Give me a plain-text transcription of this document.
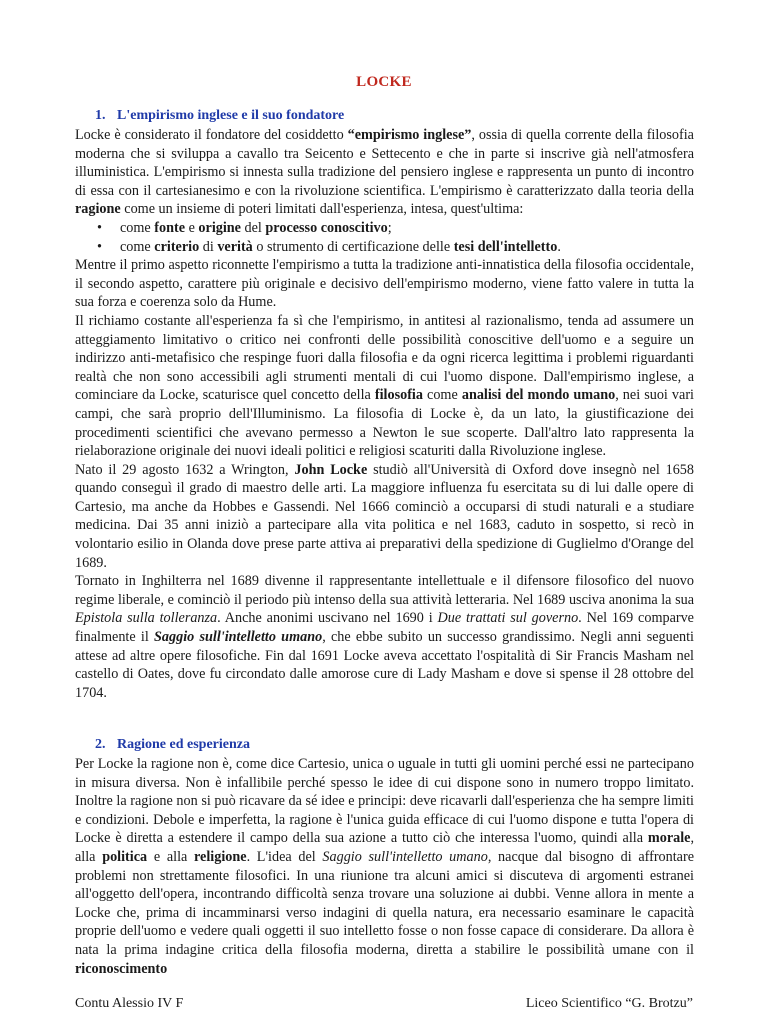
LOCKE
1. L'empirismo inglese e il suo fondatore

Locke è considerato il fondatore del cosiddetto “empirismo inglese”, ossia di quella corrente della filosofia moderna che si sviluppa a cavallo tra Seicento e Settecento e che in parte si inscrive già nell'atmosfera illuministica. L'empirismo si innesta sulla tradizione del pensiero inglese e rappresenta un punto di incontro di essa con il cartesianesimo e con la rivoluzione scientifica. L'empirismo è caratterizzato dalla teoria della ragione come un insieme di poteri limitati dall'esperienza, intesa, quest'ultima:

• come fonte e origine del processo conoscitivo;

• come criterio di verità o strumento di certificazione delle tesi dell'intelletto.

Mentre il primo aspetto riconnette l'empirismo a tutta la tradizione anti-innatistica della filosofia occidentale, il secondo aspetto, carattere più originale e decisivo dell'empirismo moderno, viene fatto valere in tutta la sua forza e coerenza solo da Hume.

Il richiamo costante all'esperienza fa sì che l'empirismo, in antitesi al razionalismo, tenda ad assumere un atteggiamento limitativo o critico nei confronti delle possibilità conoscitive dell'uomo e a seguire un indirizzo anti-metafisico che respinge fuori dalla filosofia e da ogni ricerca legittima i problemi riguardanti realtà che non sono accessibili agli strumenti mentali di cui l'uomo dispone. Dall'empirismo inglese, a cominciare da Locke, scaturisce quel concetto della filosofia come analisi del mondo umano, nei suoi vari campi, che sarà proprio dell'Illuminismo. La filosofia di Locke è, da un lato, la giustificazione dei procedimenti scientifici che avevano permesso a Newton le sue scoperte. Dall'altro lato rappresenta la rielaborazione originale dei nuovi ideali politici e religiosi scaturiti dalla Rivoluzione inglese.

Nato il 29 agosto 1632 a Wrington, John Locke studiò all'Università di Oxford dove insegnò nel 1658 quando conseguì il grado di maestro delle arti. La maggiore influenza fu esercitata su di lui dalle opere di Cartesio, ma anche da Hobbes e Gassendi. Nel 1666 cominciò a occuparsi di studi naturali e a studiare medicina. Dai 35 anni iniziò a partecipare alla vita politica e nel 1683, caduto in sospetto, si recò in volontario esilio in Olanda dove prese parte attiva ai preparativi della spedizione di Guglielmo d'Orange del 1689.

Tornato in Inghilterra nel 1689 divenne il rappresentante intellettuale e il difensore filosofico del nuovo regime liberale, e cominciò il periodo più intenso della sua attività letteraria. Nel 1689 usciva anonima la sua Epistola sulla tolleranza. Anche anonimi uscivano nel 1690 i Due trattati sul governo. Nel 169 comparve finalmente il Saggio sull'intelletto umano, che ebbe subito un successo grandissimo. Negli anni seguenti attese ad altre opere filosofiche. Fin dal 1691 Locke aveva accettato l'ospitalità di Sir Francis Masham nel castello di Oates, dove fu circondato dalle amorose cure di Lady Masham e dove si spense il 28 ottobre del 1704.

2. Ragione ed esperienza

Per Locke la ragione non è, come dice Cartesio, unica o uguale in tutti gli uomini perché essi ne partecipano in misura diversa. Non è infallibile perché spesso le idee di cui dispone sono in numero troppo limitato. Inoltre la ragione non si può ricavare da sé idee e principi: deve ricavarli dall'esperienza che ha sempre limiti e condizioni. Debole e imperfetta, la ragione è l'unica guida efficace di cui l'uomo dispone e tutta l'opera di Locke è diretta a estendere il campo della sua azione a tutto ciò che interessa l'uomo, quindi alla morale, alla politica e alla religione. L'idea del Saggio sull'intelletto umano, nacque dal bisogno di affrontare problemi non strettamente filosofici. In una riunione tra alcuni amici si discuteva di argomenti estranei all'oggetto dell'opera, incontrando difficoltà senza trovare una soluzione ai dubbi. Venne allora in mente a Locke che, prima di incamminarsi verso indagini di quella natura, era necessario esaminare le capacità proprie dell'uomo e vedere quali oggetti il suo intelletto fosse o non fosse capace di considerare. Da allora è nata la prima indagine critica della filosofia moderna, diretta a stabilire le possibilità umane con il riconoscimento

Contu Alessio IV F	Liceo Scientifico “G. Brotzu”
